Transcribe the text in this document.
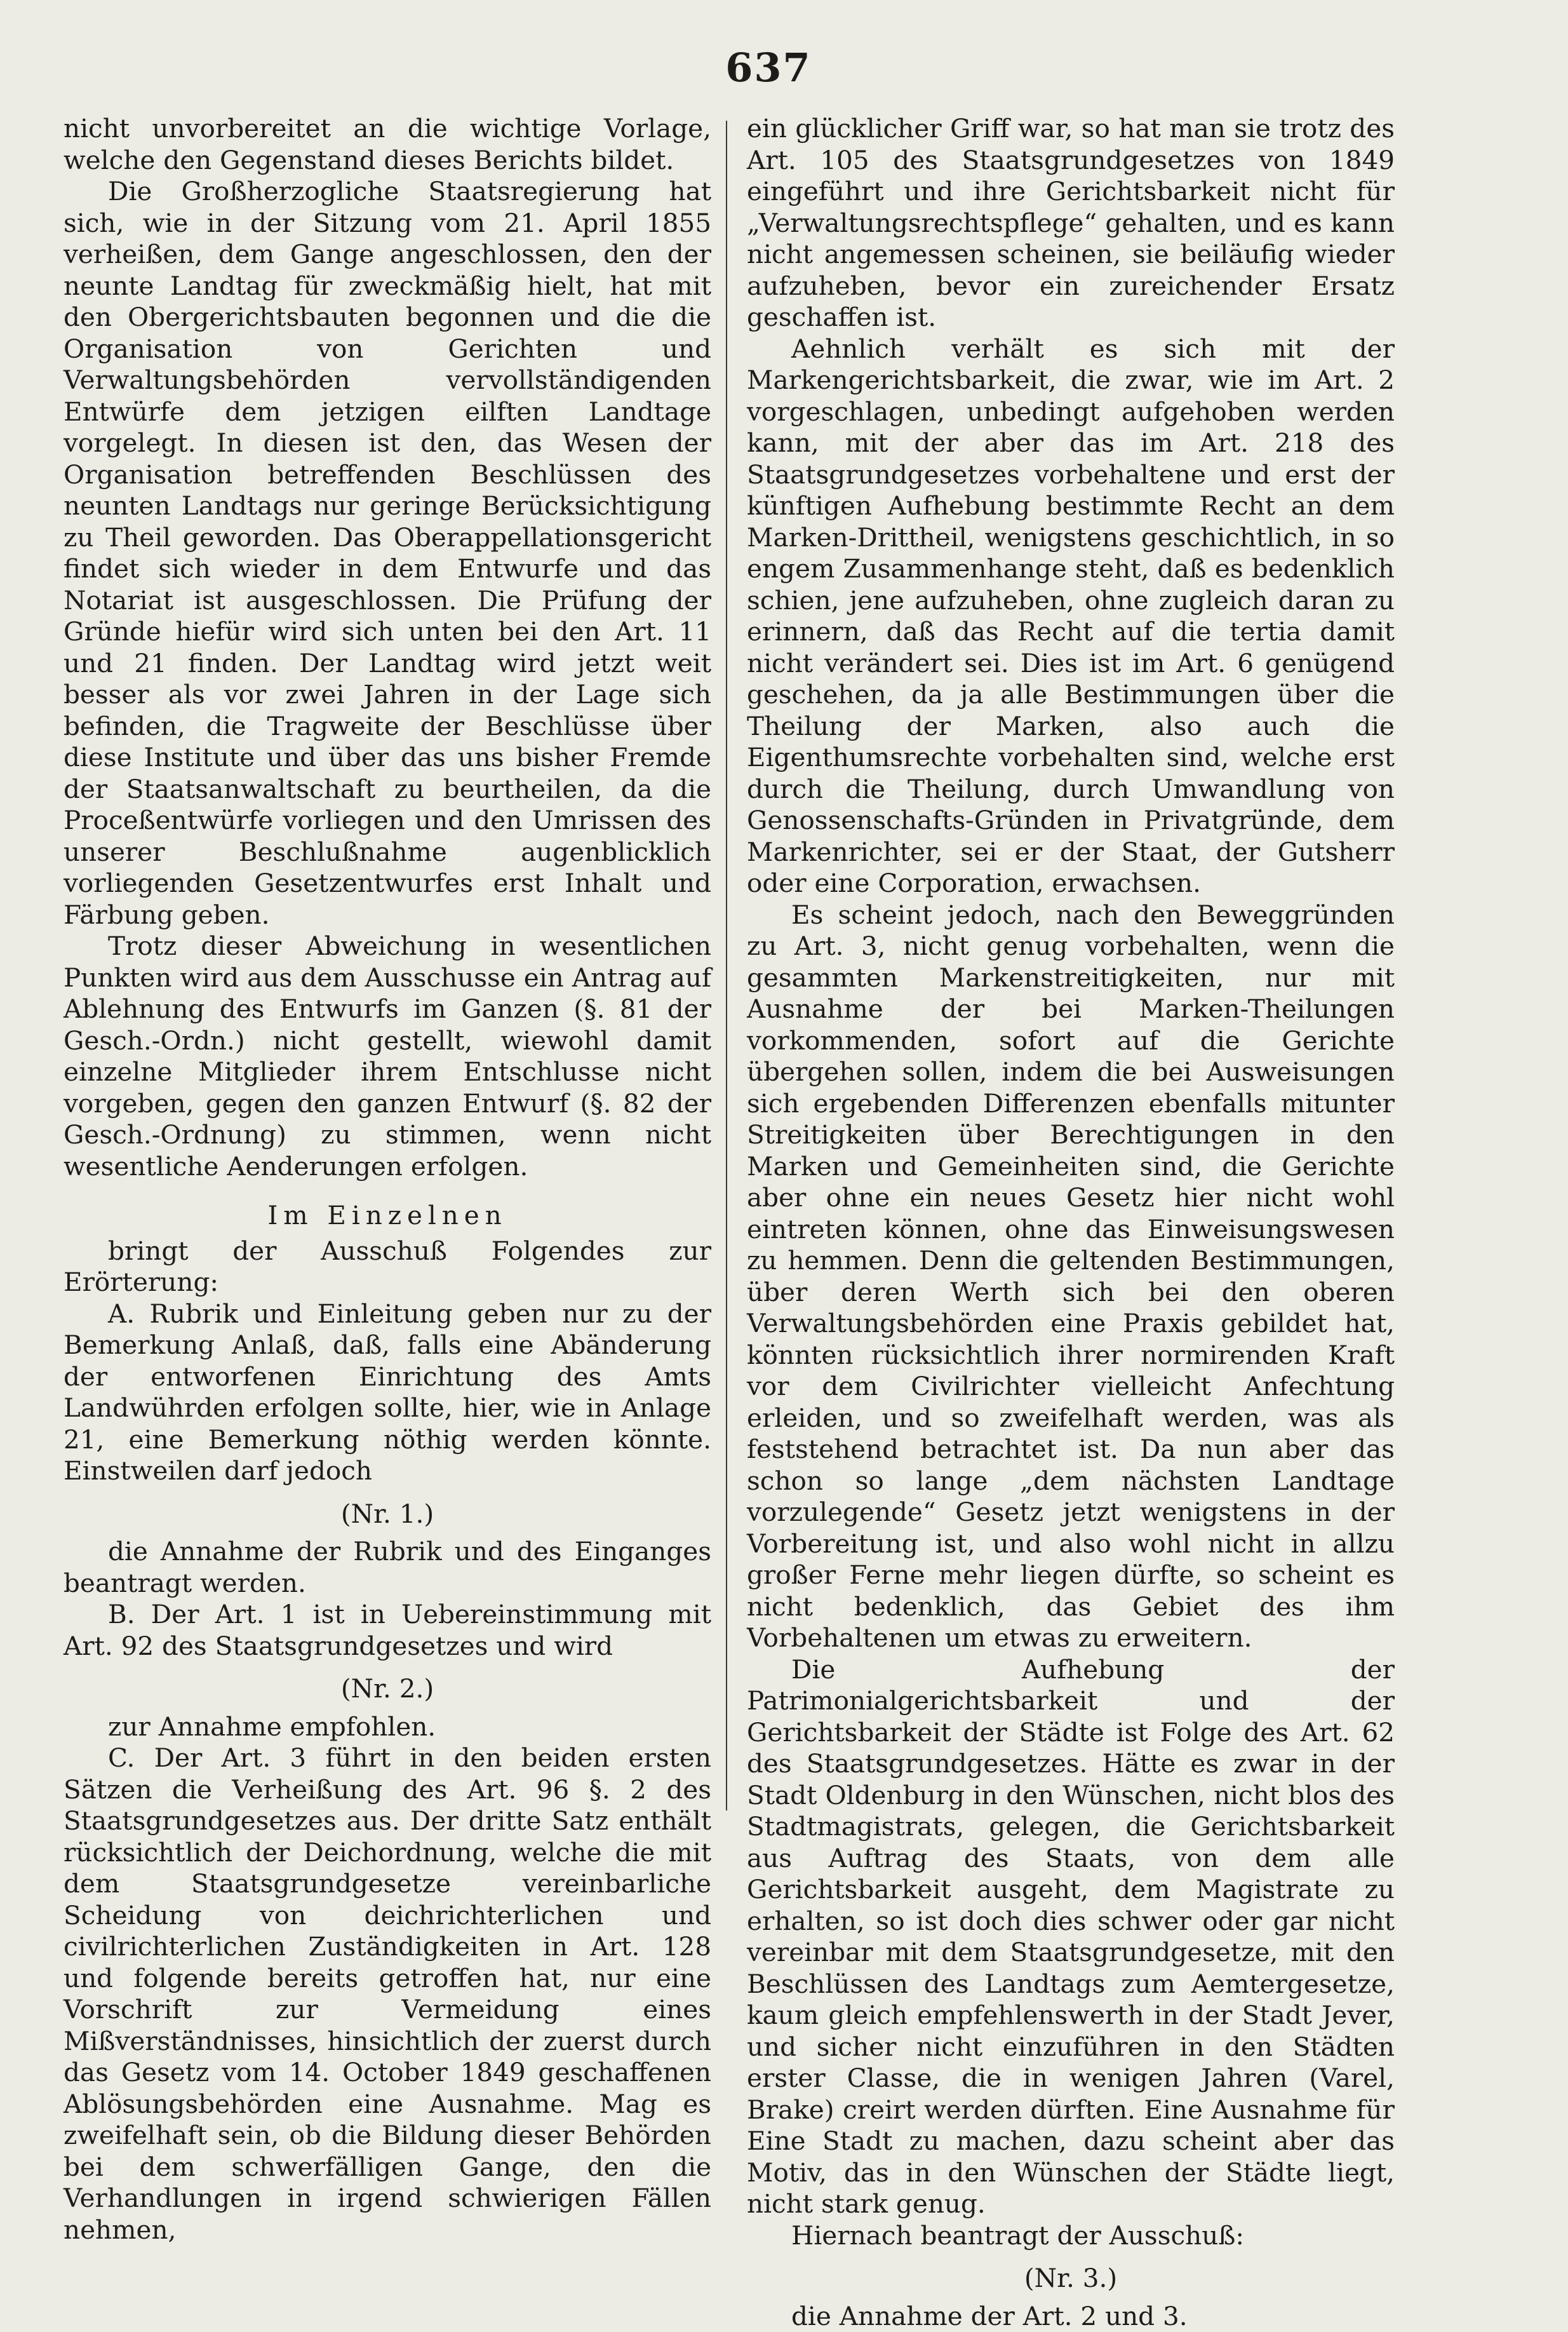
637

nicht unvorbereitet an die wichtige Vorlage, welche den Gegenstand dieses Berichts bildet.

Die Großherzogliche Staatsregierung hat sich, wie in der Sitzung vom 21. April 1855 verheißen, dem Gange angeschlossen, den der neunte Landtag für zweckmäßig hielt, hat mit den Obergerichtsbauten begonnen und die die Organisation von Gerichten und Verwaltungsbehörden vervollständigenden Entwürfe dem jetzigen eilften Landtage vorgelegt. In diesen ist den, das Wesen der Organisation betreffenden Beschlüssen des neunten Landtags nur geringe Berücksichtigung zu Theil geworden. Das Oberappellationsgericht findet sich wieder in dem Entwurfe und das Notariat ist ausgeschlossen. Die Prüfung der Gründe hiefür wird sich unten bei den Art. 11 und 21 finden. Der Landtag wird jetzt weit besser als vor zwei Jahren in der Lage sich befinden, die Tragweite der Beschlüsse über diese Institute und über das uns bisher Fremde der Staatsanwaltschaft zu beurtheilen, da die Proceßentwürfe vorliegen und den Umrissen des unserer Beschlußnahme augenblicklich vorliegenden Gesetzentwurfes erst Inhalt und Färbung geben.

Trotz dieser Abweichung in wesentlichen Punkten wird aus dem Ausschusse ein Antrag auf Ablehnung des Entwurfs im Ganzen (§. 81 der Gesch.-Ordn.) nicht gestellt, wiewohl damit einzelne Mitglieder ihrem Entschlusse nicht vorgeben, gegen den ganzen Entwurf (§. 82 der Gesch.-Ordnung) zu stimmen, wenn nicht wesentliche Aenderungen erfolgen.

Im Einzelnen

bringt der Ausschuß Folgendes zur Erörterung:

A. Rubrik und Einleitung geben nur zu der Bemerkung Anlaß, daß, falls eine Abänderung der entworfenen Einrichtung des Amts Landwührden erfolgen sollte, hier, wie in Anlage 21, eine Bemerkung nöthig werden könnte. Einstweilen darf jedoch

(Nr. 1.)

die Annahme der Rubrik und des Einganges beantragt werden.

B. Der Art. 1 ist in Uebereinstimmung mit Art. 92 des Staatsgrundgesetzes und wird

(Nr. 2.)

zur Annahme empfohlen.

C. Der Art. 3 führt in den beiden ersten Sätzen die Verheißung des Art. 96 §. 2 des Staatsgrundgesetzes aus. Der dritte Satz enthält rücksichtlich der Deichordnung, welche die mit dem Staatsgrundgesetze vereinbarliche Scheidung von deichrichterlichen und civilrichterlichen Zuständigkeiten in Art. 128 und folgende bereits getroffen hat, nur eine Vorschrift zur Vermeidung eines Mißverständnisses, hinsichtlich der zuerst durch das Gesetz vom 14. October 1849 geschaffenen Ablösungsbehörden eine Ausnahme. Mag es zweifelhaft sein, ob die Bildung dieser Behörden bei dem schwerfälligen Gange, den die Verhandlungen in irgend schwierigen Fällen nehmen,

ein glücklicher Griff war, so hat man sie trotz des Art. 105 des Staatsgrundgesetzes von 1849 eingeführt und ihre Gerichtsbarkeit nicht für „Verwaltungsrechtspflege“ gehalten, und es kann nicht angemessen scheinen, sie beiläufig wieder aufzuheben, bevor ein zureichender Ersatz geschaffen ist.

Aehnlich verhält es sich mit der Markengerichtsbarkeit, die zwar, wie im Art. 2 vorgeschlagen, unbedingt aufgehoben werden kann, mit der aber das im Art. 218 des Staatsgrundgesetzes vorbehaltene und erst der künftigen Aufhebung bestimmte Recht an dem Marken-Drittheil, wenigstens geschichtlich, in so engem Zusammenhange steht, daß es bedenklich schien, jene aufzuheben, ohne zugleich daran zu erinnern, daß das Recht auf die tertia damit nicht verändert sei. Dies ist im Art. 6 genügend geschehen, da ja alle Bestimmungen über die Theilung der Marken, also auch die Eigenthumsrechte vorbehalten sind, welche erst durch die Theilung, durch Umwandlung von Genossenschafts-Gründen in Privatgründe, dem Markenrichter, sei er der Staat, der Gutsherr oder eine Corporation, erwachsen.

Es scheint jedoch, nach den Beweggründen zu Art. 3, nicht genug vorbehalten, wenn die gesammten Markenstreitigkeiten, nur mit Ausnahme der bei Marken-Theilungen vorkommenden, sofort auf die Gerichte übergehen sollen, indem die bei Ausweisungen sich ergebenden Differenzen ebenfalls mitunter Streitigkeiten über Berechtigungen in den Marken und Gemeinheiten sind, die Gerichte aber ohne ein neues Gesetz hier nicht wohl eintreten können, ohne das Einweisungswesen zu hemmen. Denn die geltenden Bestimmungen, über deren Werth sich bei den oberen Verwaltungsbehörden eine Praxis gebildet hat, könnten rücksichtlich ihrer normirenden Kraft vor dem Civilrichter vielleicht Anfechtung erleiden, und so zweifelhaft werden, was als feststehend betrachtet ist. Da nun aber das schon so lange „dem nächsten Landtage vorzulegende“ Gesetz jetzt wenigstens in der Vorbereitung ist, und also wohl nicht in allzu großer Ferne mehr liegen dürfte, so scheint es nicht bedenklich, das Gebiet des ihm Vorbehaltenen um etwas zu erweitern.

Die Aufhebung der Patrimonialgerichtsbarkeit und der Gerichtsbarkeit der Städte ist Folge des Art. 62 des Staatsgrundgesetzes. Hätte es zwar in der Stadt Oldenburg in den Wünschen, nicht blos des Stadtmagistrats, gelegen, die Gerichtsbarkeit aus Auftrag des Staats, von dem alle Gerichtsbarkeit ausgeht, dem Magistrate zu erhalten, so ist doch dies schwer oder gar nicht vereinbar mit dem Staatsgrundgesetze, mit den Beschlüssen des Landtags zum Aemtergesetze, kaum gleich empfehlenswerth in der Stadt Jever, und sicher nicht einzuführen in den Städten erster Classe, die in wenigen Jahren (Varel, Brake) creirt werden dürften. Eine Ausnahme für Eine Stadt zu machen, dazu scheint aber das Motiv, das in den Wünschen der Städte liegt, nicht stark genug.

Hiernach beantragt der Ausschuß:

(Nr. 3.)

die Annahme der Art. 2 und 3.
